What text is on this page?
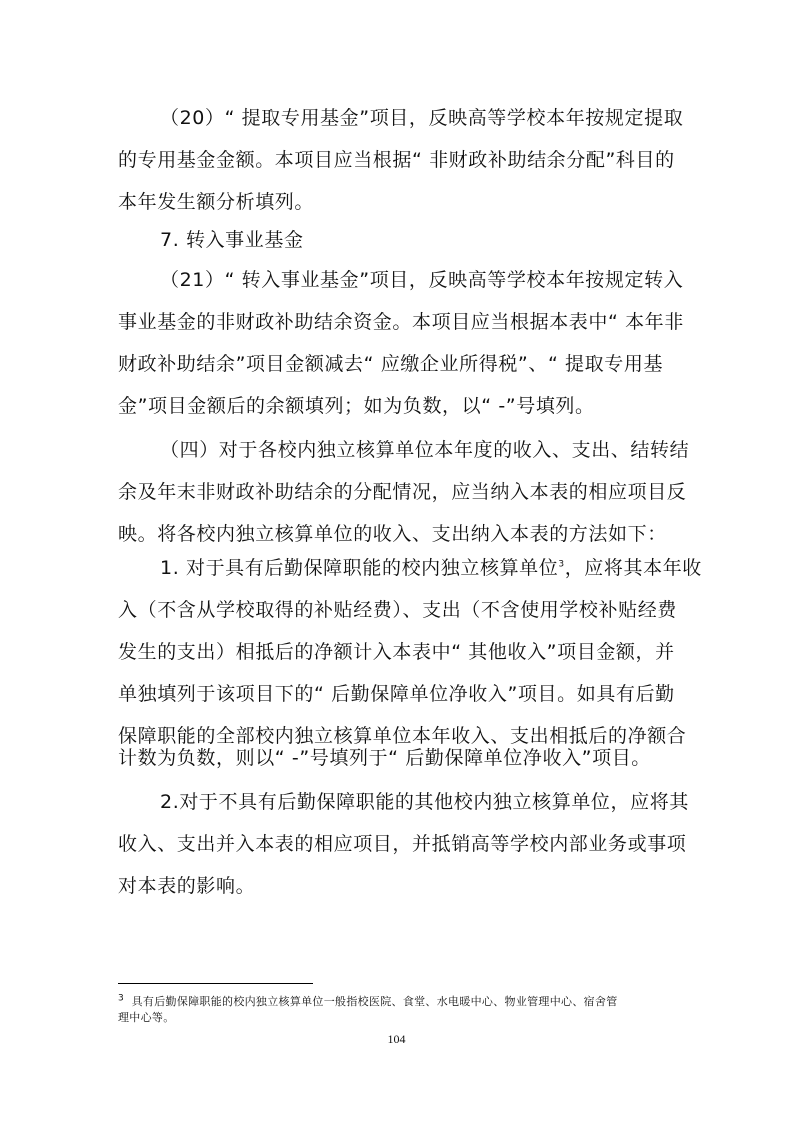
（20）“ 提取专用基金”项目，反映高等学校本年按规定提取
的专用基金金额。本项目应当根据“ 非财政补助结余分配”科目的
本年发生额分析填列。
7. 转入事业基金
（21）“ 转入事业基金”项目，反映高等学校本年按规定转入
事业基金的非财政补助结余资金。本项目应当根据本表中“ 本年非
财政补助结余”项目金额减去“ 应缴企业所得税”、“ 提取专用基
金”项目金额后的余额填列；如为负数，以“ -”号填列。
（四）对于各校内独立核算单位本年度的收入、支出、结转结
余及年末非财政补助结余的分配情况，应当纳入本表的相应项目反
映。将各校内独立核算单位的收入、支出纳入本表的方法如下：
1. 对于具有后勤保障职能的校内独立核算单位$^3$，应将其本年收
入（不含从学校取得的补贴经费）、支出（不含使用学校补贴经费
发生的支出）相抵后的净额计入本表中“ 其他收入”项目金额，并
单独填列于该项目下的“ 后勤保障单位净收入”项目。如具有后勤
保障职能的全部校内独立核算单位本年收入、支出相抵后的净额合
计数为负数，则以“ -”号填列于“ 后勤保障单位净收入”项目。
2.对于不具有后勤保障职能的其他校内独立核算单位，应将其
收入、支出并入本表的相应项目，并抵销高等学校内部业务或事项
对本表的影响。
$^3$ 具有后勤保障职能的校内独立核算单位一般指校医院、食堂、水电暖中心、物业管理中心、宿舍管
理中心等。
104
